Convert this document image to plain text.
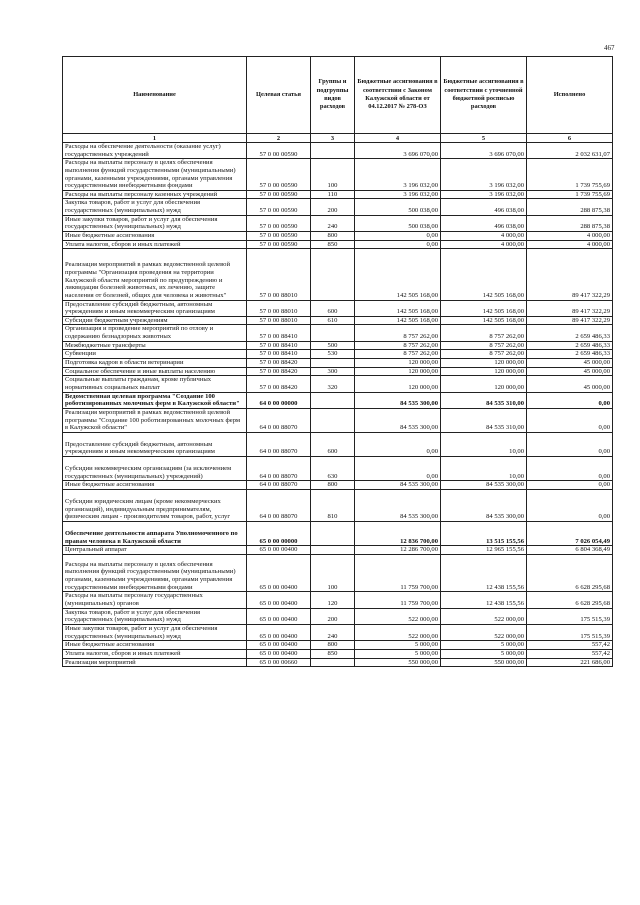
467
Наименование	Целевая статья	Группы и подгруппы видов расходов	Бюджетные ассигнования в соответствии с Законом Калужской области от 04.12.2017 № 278-ОЗ	Бюджетные ассигнования в соответствии с уточненной бюджетной росписью расходов	Исполнено
1	2	3	4	5	6
Расходы на обеспечение деятельности (оказание услуг) государственных учреждений	57 0 00 00590		3 696 070,00	3 696 070,00	2 032 631,07
Расходы на выплаты персоналу в целях обеспечения выполнения функций государственными (муниципальными) органами, казенными учреждениями, органами управления государственными внебюджетными фондами	57 0 00 00590	100	3 196 032,00	3 196 032,00	1 739 755,69
Расходы на выплаты персоналу казенных учреждений	57 0 00 00590	110	3 196 032,00	3 196 032,00	1 739 755,69
Закупка товаров, работ и услуг для обеспечения государственных (муниципальных) нужд	57 0 00 00590	200	500 038,00	496 038,00	288 875,38
Иные закупки товаров, работ и услуг для обеспечения государственных (муниципальных) нужд	57 0 00 00590	240	500 038,00	496 038,00	288 875,38
Иные бюджетные ассигнования	57 0 00 00590	800	0,00	4 000,00	4 000,00
Уплата налогов, сборов и иных платежей	57 0 00 00590	850	0,00	4 000,00	4 000,00
Реализация мероприятий в рамках ведомственной целевой программы "Организация проведения на территории Калужской области мероприятий по предупреждению и ликвидации болезней животных, их лечению, защите населения от болезней, общих для человека и животных"	57 0 00 88010		142 505 168,00	142 505 168,00	89 417 322,29
Предоставление субсидий бюджетным, автономным учреждениям и иным некоммерческим организациям	57 0 00 88010	600	142 505 168,00	142 505 168,00	89 417 322,29
Субсидии бюджетным учреждениям	57 0 00 88010	610	142 505 168,00	142 505 168,00	89 417 322,29
Организация и проведение мероприятий по отлову и содержанию безнадзорных животных	57 0 00 88410		8 757 262,00	8 757 262,00	2 659 486,33
Межбюджетные трансферты	57 0 00 88410	500	8 757 262,00	8 757 262,00	2 659 486,33
Субвенции	57 0 00 88410	530	8 757 262,00	8 757 262,00	2 659 486,33
Подготовка кадров в области ветеринарии	57 0 00 88420		120 000,00	120 000,00	45 000,00
Социальное обеспечение и иные выплаты населению	57 0 00 88420	300	120 000,00	120 000,00	45 000,00
Социальные выплаты гражданам, кроме публичных нормативных социальных выплат	57 0 00 88420	320	120 000,00	120 000,00	45 000,00
Ведомственная целевая программа "Создание 100 роботизированных молочных ферм в Калужской области"	64 0 00 00000		84 535 300,00	84 535 310,00	0,00
Реализация мероприятий в рамках ведомственной целевой программы "Создание 100 роботизированных молочных ферм в Калужской области"	64 0 00 88070		84 535 300,00	84 535 310,00	0,00
Предоставление субсидий бюджетным, автономным учреждениям и иным некоммерческим организациям	64 0 00 88070	600	0,00	10,00	0,00
Субсидии некоммерческим организациям (за исключением государственных (муниципальных) учреждений)	64 0 00 88070	630	0,00	10,00	0,00
Иные бюджетные ассигнования	64 0 00 88070	800	84 535 300,00	84 535 300,00	0,00
Субсидии юридическим лицам (кроме некоммерческих организаций), индивидуальным предпринимателям, физическим лицам - производителям товаров, работ, услуг	64 0 00 88070	810	84 535 300,00	84 535 300,00	0,00
Обеспечение деятельности аппарата Уполномоченного по правам человека в Калужской области	65 0 00 00000		12 836 700,00	13 515 155,56	7 026 054,49
Центральный аппарат	65 0 00 00400		12 286 700,00	12 965 155,56	6 804 368,49
Расходы на выплаты персоналу в целях обеспечения выполнения функций государственными (муниципальными) органами, казенными учреждениями, органами управления государственными внебюджетными фондами	65 0 00 00400	100	11 759 700,00	12 438 155,56	6 628 295,68
Расходы на выплаты персоналу государственных (муниципальных) органов	65 0 00 00400	120	11 759 700,00	12 438 155,56	6 628 295,68
Закупка товаров, работ и услуг для обеспечения государственных (муниципальных) нужд	65 0 00 00400	200	522 000,00	522 000,00	175 515,39
Иные закупки товаров, работ и услуг для обеспечения государственных (муниципальных) нужд	65 0 00 00400	240	522 000,00	522 000,00	175 515,39
Иные бюджетные ассигнования	65 0 00 00400	800	5 000,00	5 000,00	557,42
Уплата налогов, сборов и иных платежей	65 0 00 00400	850	5 000,00	5 000,00	557,42
Реализация мероприятий	65 0 00 00660		550 000,00	550 000,00	221 686,00
